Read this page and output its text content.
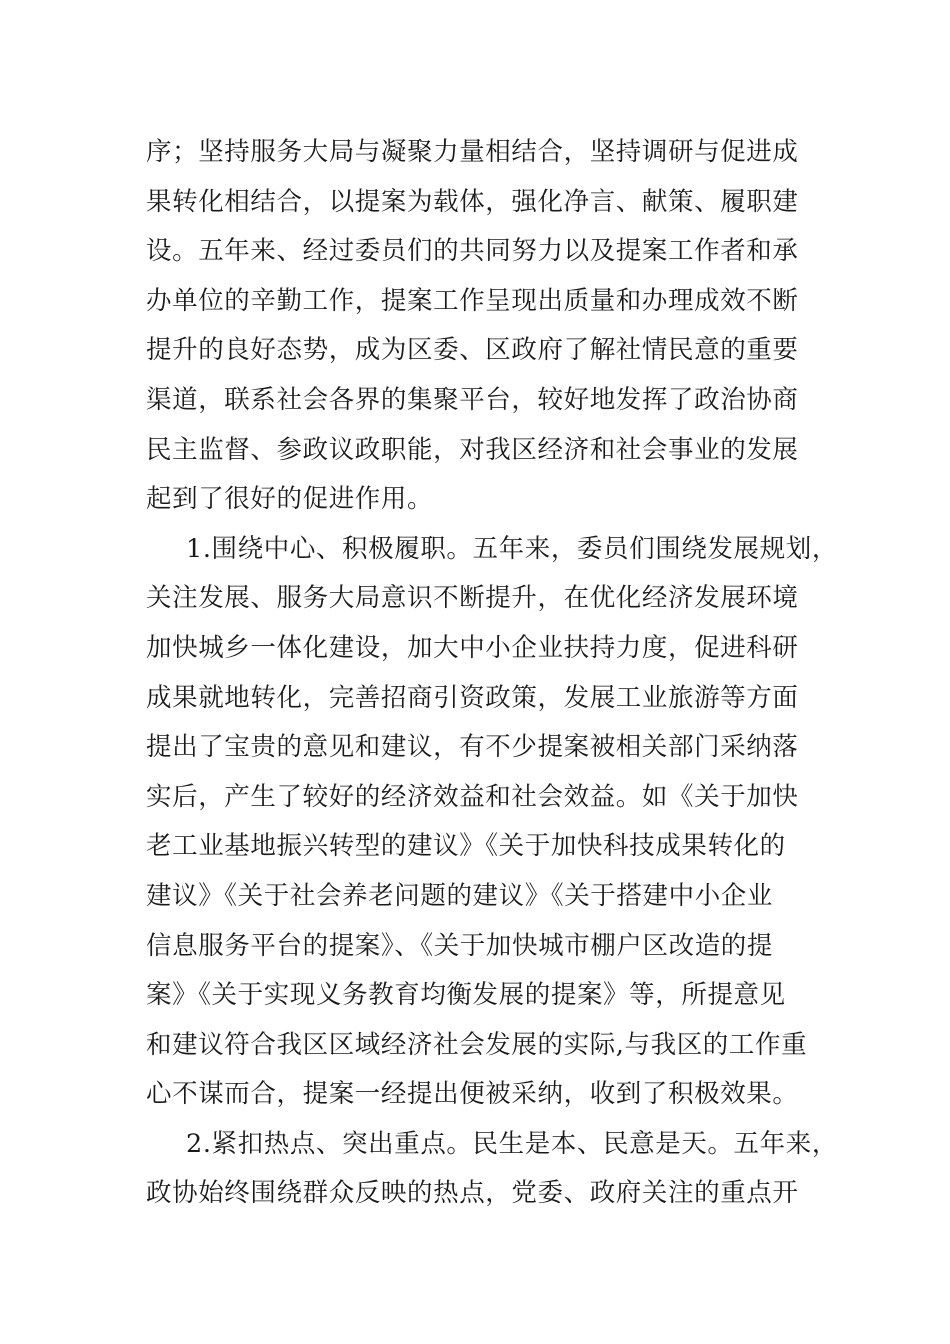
序；坚持服务大局与凝聚力量相结合，坚持调研与促进成
果转化相结合，以提案为载体，强化净言、献策、履职建
设。五年来、经过委员们的共同努力以及提案工作者和承
办单位的辛勤工作，提案工作呈现出质量和办理成效不断
提升的良好态势，成为区委、区政府了解社情民意的重要
渠道，联系社会各界的集聚平台，较好地发挥了政治协商
民主监督、参政议政职能，对我区经济和社会事业的发展
起到了很好的促进作用。
1.围绕中心、积极履职。五年来，委员们围绕发展规划，
关注发展、服务大局意识不断提升，在优化经济发展环境
加快城乡一体化建设，加大中小企业扶持力度，促进科研
成果就地转化，完善招商引资政策，发展工业旅游等方面
提出了宝贵的意见和建议，有不少提案被相关部门采纳落
实后，产生了较好的经济效益和社会效益。如《关于加快
老工业基地振兴转型的建议》《关于加快科技成果转化的
建议》《关于社会养老问题的建议》《关于搭建中小企业
信息服务平台的提案》、《关于加快城市棚户区改造的提
案》《关于实现义务教育均衡发展的提案》等，所提意见
和建议符合我区区域经济社会发展的实际,与我区的工作重
心不谋而合，提案一经提出便被采纳，收到了积极效果。
2.紧扣热点、突出重点。民生是本、民意是天。五年来，
政协始终围绕群众反映的热点，党委、政府关注的重点开
